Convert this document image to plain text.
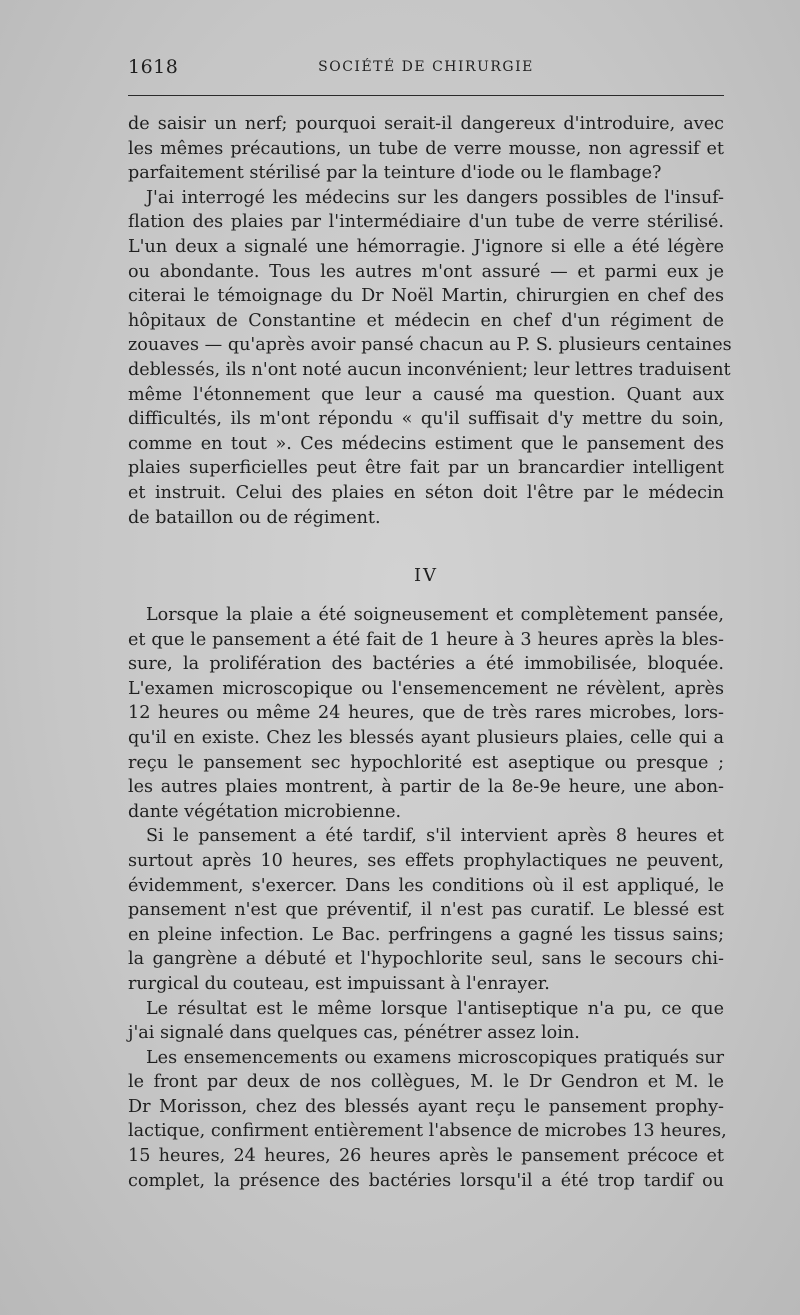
1618	SOCIÉTÉ DE CHIRURGIE

de saisir un nerf; pourquoi serait-il dangereux d'introduire, avec
les mêmes précautions, un tube de verre mousse, non agressif et
parfaitement stérilisé par la teinture d'iode ou le flambage?

J'ai interrogé les médecins sur les dangers possibles de l'insuf-
flation des plaies par l'intermédiaire d'un tube de verre stérilisé.
L'un deux a signalé une hémorragie. J'ignore si elle a été légère
ou abondante. Tous les autres m'ont assuré — et parmi eux je
citerai le témoignage du Dr Noël Martin, chirurgien en chef des
hôpitaux de Constantine et médecin en chef d'un régiment de
zouaves — qu'après avoir pansé chacun au P. S. plusieurs centaines
deblessés, ils n'ont noté aucun inconvénient; leur lettres traduisent
même l'étonnement que leur a causé ma question. Quant aux
difficultés, ils m'ont répondu « qu'il suffisait d'y mettre du soin,
comme en tout ». Ces médecins estiment que le pansement des
plaies superficielles peut être fait par un brancardier intelligent
et instruit. Celui des plaies en séton doit l'être par le médecin
de bataillon ou de régiment.

IV

Lorsque la plaie a été soigneusement et complètement pansée,
et que le pansement a été fait de 1 heure à 3 heures après la bles-
sure, la prolifération des bactéries a été immobilisée, bloquée.
L'examen microscopique ou l'ensemencement ne révèlent, après
12 heures ou même 24 heures, que de très rares microbes, lors-
qu'il en existe. Chez les blessés ayant plusieurs plaies, celle qui a
reçu le pansement sec hypochlorité est aseptique ou presque ;
les autres plaies montrent, à partir de la 8e-9e heure, une abon-
dante végétation microbienne.

Si le pansement a été tardif, s'il intervient après 8 heures et
surtout après 10 heures, ses effets prophylactiques ne peuvent,
évidemment, s'exercer. Dans les conditions où il est appliqué, le
pansement n'est que préventif, il n'est pas curatif. Le blessé est
en pleine infection. Le Bac. perfringens a gagné les tissus sains;
la gangrène a débuté et l'hypochlorite seul, sans le secours chi-
rurgical du couteau, est impuissant à l'enrayer.

Le résultat est le même lorsque l'antiseptique n'a pu, ce que
j'ai signalé dans quelques cas, pénétrer assez loin.

Les ensemencements ou examens microscopiques pratiqués sur
le front par deux de nos collègues, M. le Dr Gendron et M. le
Dr Morisson, chez des blessés ayant reçu le pansement prophy-
lactique, confirment entièrement l'absence de microbes 13 heures,
15 heures, 24 heures, 26 heures après le pansement précoce et
complet, la présence des bactéries lorsqu'il a été trop tardif ou
